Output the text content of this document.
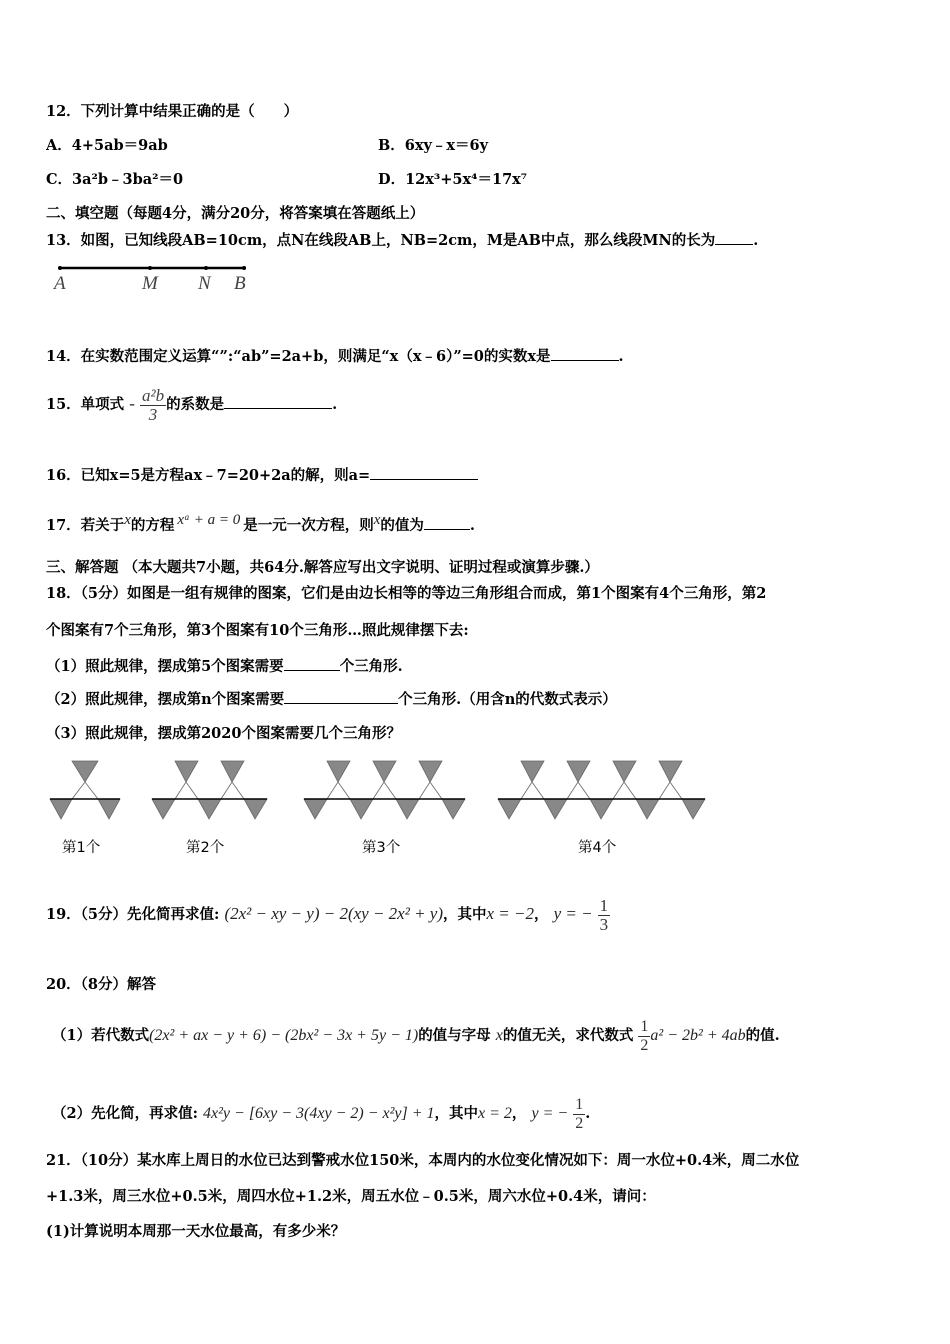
12．下列计算中结果正确的是（　　）
A．4+5ab＝9ab	B．6xy﹣x＝6y
C．3a²b﹣3ba²＝0	D．12x³+5x⁴＝17x⁷
二、填空题（每题4分，满分20分，将答案填在答题纸上）
13．如图，已知线段AB=10cm，点N在线段AB上，NB=2cm，M是AB中点，那么线段MN的长为	.
A	M N B
14．在实数范围定义运算“”:“ab”=2a+b，则满足“x（x﹣6）”=0的实数x是	.
15．单项式 - $\frac{\text{a²b}}{3}$ 的系数是	.
16．已知x=5是方程ax﹣7=20+2a的解，则a=
17．若关于x的方程 xᵃ + a = 0 是一元一次方程，则x的值为	.
三、解答题 （本大题共7小题，共64分.解答应写出文字说明、证明过程或演算步骤.）
18．（5分）如图是一组有规律的图案，它们是由边长相等的等边三角形组合而成，第1个图案有4个三角形，第2
个图案有7个三角形，第3个图案有10个三角形…照此规律摆下去:
（1）照此规律，摆成第5个图案需要	个三角形.
（2）照此规律，摆成第n个图案需要	个三角形.（用含n的代数式表示）
（3）照此规律，摆成第2020个图案需要几个三角形？
第1个	第2个	第3个	第4个
19．（5分）先化简再求值: (2x² − xy − y) − 2(xy − 2x² + y)，其中x = −2， y = − $\frac{1}{3}$
20．（8分）解答
（1）若代数式(2x² + ax − y + 6) − (2bx² − 3x + 5y − 1)的值与字母 x的值无关，求代数式 $\frac{1}{2} a^2 - 2b^2 + 4ab$的值.
（2）先化简，再求值: 4x²y − [6xy − 3(4xy − 2) − x²y] + 1，其中x = 2， y = − $\frac{1}{2}$ .
21．（10分）某水库上周日的水位已达到警戒水位150米，本周内的水位变化情况如下：周一水位+0.4米，周二水位
+1.3米，周三水位+0.5米，周四水位+1.2米，周五水位﹣0.5米，周六水位+0.4米，请问：
(1)计算说明本周那一天水位最高，有多少米？
